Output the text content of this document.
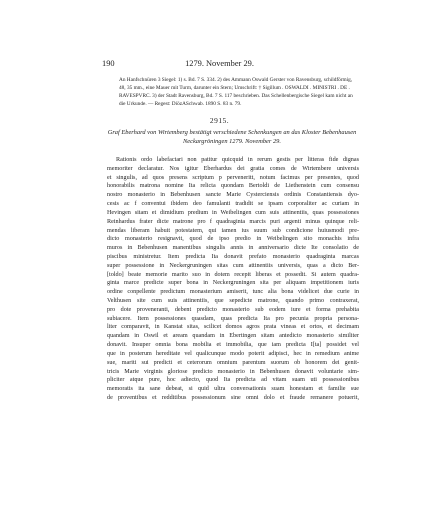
190	1279. November 29.
An Hanfschnüren 3 Siegel: 1) s. Bd. 7 S. 334. 2) des Ammann Oswald Gerster von Ravensburg, schildförmig,
48, 35 mm., eine Mauer mit Turm, darunter ein Stern; Umschrift: † Sigillum . OSWALDI . MINISTRI . DE .
RAVESPVRC. 3) der Stadt Ravensburg, Bd. 7 S. 117 beschrieben. Das Schellenbergische Siegel kam nicht an
die Urkunde. — Regest: DiözASchwab. 1890 S. 83 n. 79.
2915.
Graf Eberhard von Wirtemberg bestätigt verschiedene Schenkungen an das Kloster Bebenhausen
Neckargröningen 1279. November 29.
Rationis ordo labefactari non patitur quicquid in rerum gestis per litteras fide dignas
memoriter declaratur. Nos igitur Eberhardus dei gratia comes de Wirtembere universis
et singulis, ad quos presens scriptum p perveneritt, notum facimus per presentes, quod
honorabilis matrona nomine Ita relicta quondam Bertoldi de Liethenstein cum consensu
nostro monasterio in Bebenhusen sancte Marie Cysterciensis ordinis Constantiensis dyo-
cesis ac f conventui ibidem deo famulanti tradidit se ipsam corporaliter ac curiam in
Hevingen sitam et dimidium predium in Weibelingen cum suis attinentiis, quas possessiones
Reinhardus frater dicte matrone pro f quadraginta marcis puri argenti minus quinque reli-
mendas liberam habuit potestatem, qui iamen ius suum sub condicione huiusmodi pre-
dicto monasterio resignavit, quod de ipso predio in Weibelingen sito monachis infra
muros in Bebenhusen manentibus singulis annis in anniversario dicte Ite consolatio de
piscibus ministretur. Item predicta Ita donavit prefato monasterio quadraginta marcas
super possessione in Neckergruningen sitas cum attinentiis universis, quas a dicto Ber-
[toldo] beate memorie marito suo in dotem recepit liberas et possedit. Si autem quadra-
ginta marce predicte super bona in Neckergruningen sita per aliquam impetitionem iuris
ordine conpellente predictum monasterium amiserit, tunc alia bona videlicet due curie in
Velthusen site cum suis attinentiis, que sepedicte matrone, quando primo contraxerat,
pro dote proveneranti, debent predicto monasterio sub eodem iure et forma prehabita
subiacere. Item possessiones quasdam, quas predicta Ita pro pecunia propria persona-
liter comparavit, in Kanstat sitas, scilicet domos agros prata vineas et ortos, et decimam
quandam in Oswil et aream quandam in Ebertingen sitam antedicto monasterio similiter
donavit. Insuper omnia bona mobilia et immobilia, que iam predicta I[ta] possidet vel
que in posterum hereditate vel qualicunque modo poterit adipisci, hec in remedium anime
sue, mariti sui predicti et ceterorum omnium parentum suorum ob honorem dei genit-
tricis Marie virginis gloriose predicto monasterio in Bebenhusen donavit voluntarie sim-
pliciter atque pure, hoc adiecto, quod Ita predicta ad vitam suam uti possessionibus
memoratis ita sane debeat, si quid ultra conversationis suam honestam et familie sue
de proventibus et redditibus possessionum sine omni dolo et fraude remanere potuerit,
